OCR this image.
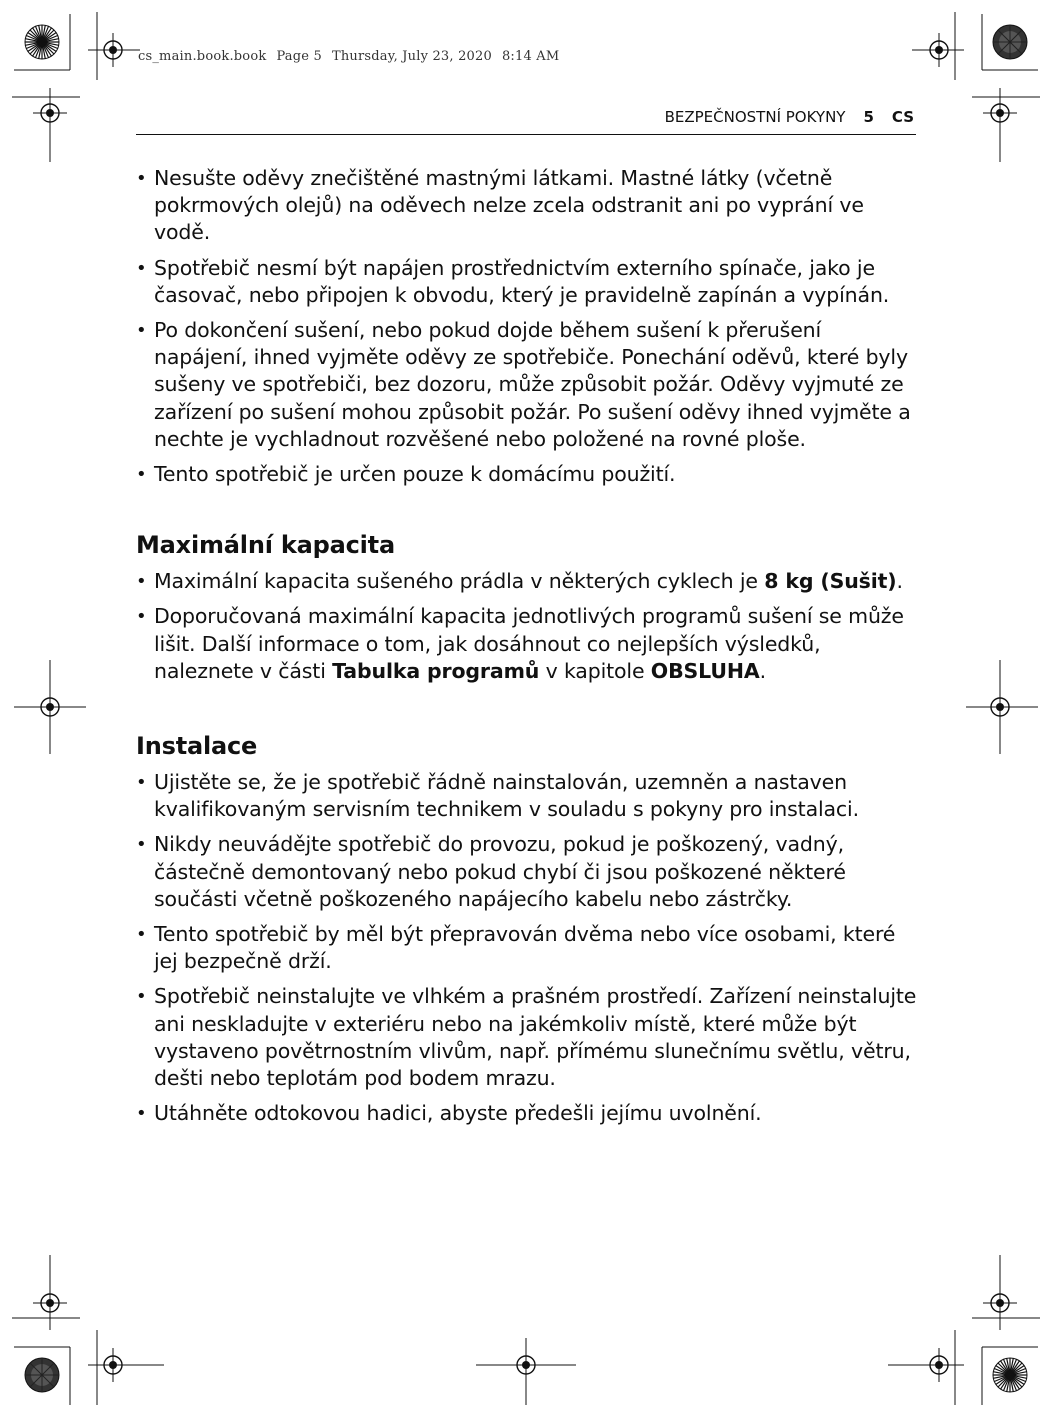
cs_main.book.book Page 5 Thursday, July 23, 2020 8:14 AM
BEZPEČNOSTNÍ POKYNY 5 CS
• Nesušte oděvy znečištěné mastnými látkami. Mastné látky (včetně pokrmových olejů) na oděvech nelze zcela odstranit ani po vyprání ve vodě.
• Spotřebič nesmí být napájen prostřednictvím externího spínače, jako je časovač, nebo připojen k obvodu, který je pravidelně zapínán a vypínán.
• Po dokončení sušení, nebo pokud dojde během sušení k přerušení napájení, ihned vyjměte oděvy ze spotřebiče. Ponechání oděvů, které byly sušeny ve spotřebiči, bez dozoru, může způsobit požár. Oděvy vyjmuté ze zařízení po sušení mohou způsobit požár. Po sušení oděvy ihned vyjměte a nechte je vychladnout rozvěšené nebo položené na rovné ploše.
• Tento spotřebič je určen pouze k domácímu použití.
Maximální kapacita
• Maximální kapacita sušeného prádla v některých cyklech je 8 kg (Sušit).
• Doporučovaná maximální kapacita jednotlivých programů sušení se může lišit. Další informace o tom, jak dosáhnout co nejlepších výsledků, naleznete v části Tabulka programů v kapitole OBSLUHA.
Instalace
• Ujistěte se, že je spotřebič řádně nainstalován, uzemněn a nastaven kvalifikovaným servisním technikem v souladu s pokyny pro instalaci.
• Nikdy neuvádějte spotřebič do provozu, pokud je poškozený, vadný, částečně demontovaný nebo pokud chybí či jsou poškozené některé součásti včetně poškozeného napájecího kabelu nebo zástrčky.
• Tento spotřebič by měl být přepravován dvěma nebo více osobami, které jej bezpečně drží.
• Spotřebič neinstalujte ve vlhkém a prašném prostředí. Zařízení neinstalujte ani neskladujte v exteriéru nebo na jakémkoliv místě, které může být vystaveno povětrnostním vlivům, např. přímému slunečnímu světlu, větru, dešti nebo teplotám pod bodem mrazu.
• Utáhněte odtokovou hadici, abyste předešli jejímu uvolnění.
